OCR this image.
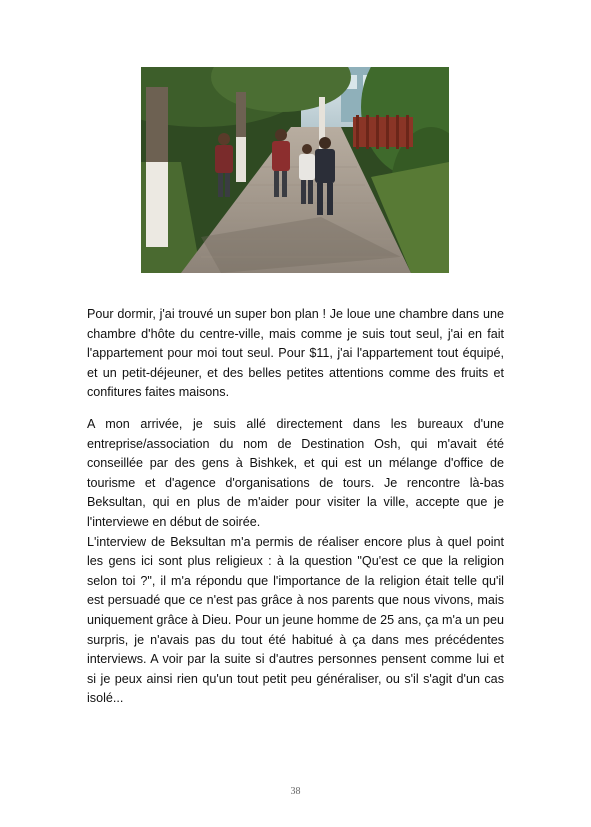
Pour dormir, j'ai trouvé un super bon plan ! Je loue une chambre dans une chambre d'hôte du centre-ville, mais comme je suis tout seul, j'ai en fait l'appartement pour moi tout seul. Pour $11, j'ai l'appartement tout équipé, et un petit-déjeuner, et des belles petites attentions comme des fruits et confitures faites maisons.

A mon arrivée, je suis allé directement dans les bureaux d'une entreprise/association du nom de Destination Osh, qui m'avait été conseillée par des gens à Bishkek, et qui est un mélange d'office de tourisme et d'agence d'organisations de tours. Je rencontre là-bas Beksultan, qui en plus de m'aider pour visiter la ville, accepte que je l'interviewe en début de soirée.

L'interview de Beksultan m'a permis de réaliser encore plus à quel point les gens ici sont plus religieux : à la question "Qu'est ce que la religion selon toi ?", il m'a répondu que l'importance de la religion était telle qu'il est persuadé que ce n'est pas grâce à nos parents que nous vivons, mais uniquement grâce à Dieu. Pour un jeune homme de 25 ans, ça m'a un peu surpris, je n'avais pas du tout été habitué à ça dans mes précédentes interviews. A voir par la suite si d'autres personnes pensent comme lui et si je peux ainsi rien qu'un tout petit peu généraliser, ou s'il s'agit d'un cas isolé...

38
